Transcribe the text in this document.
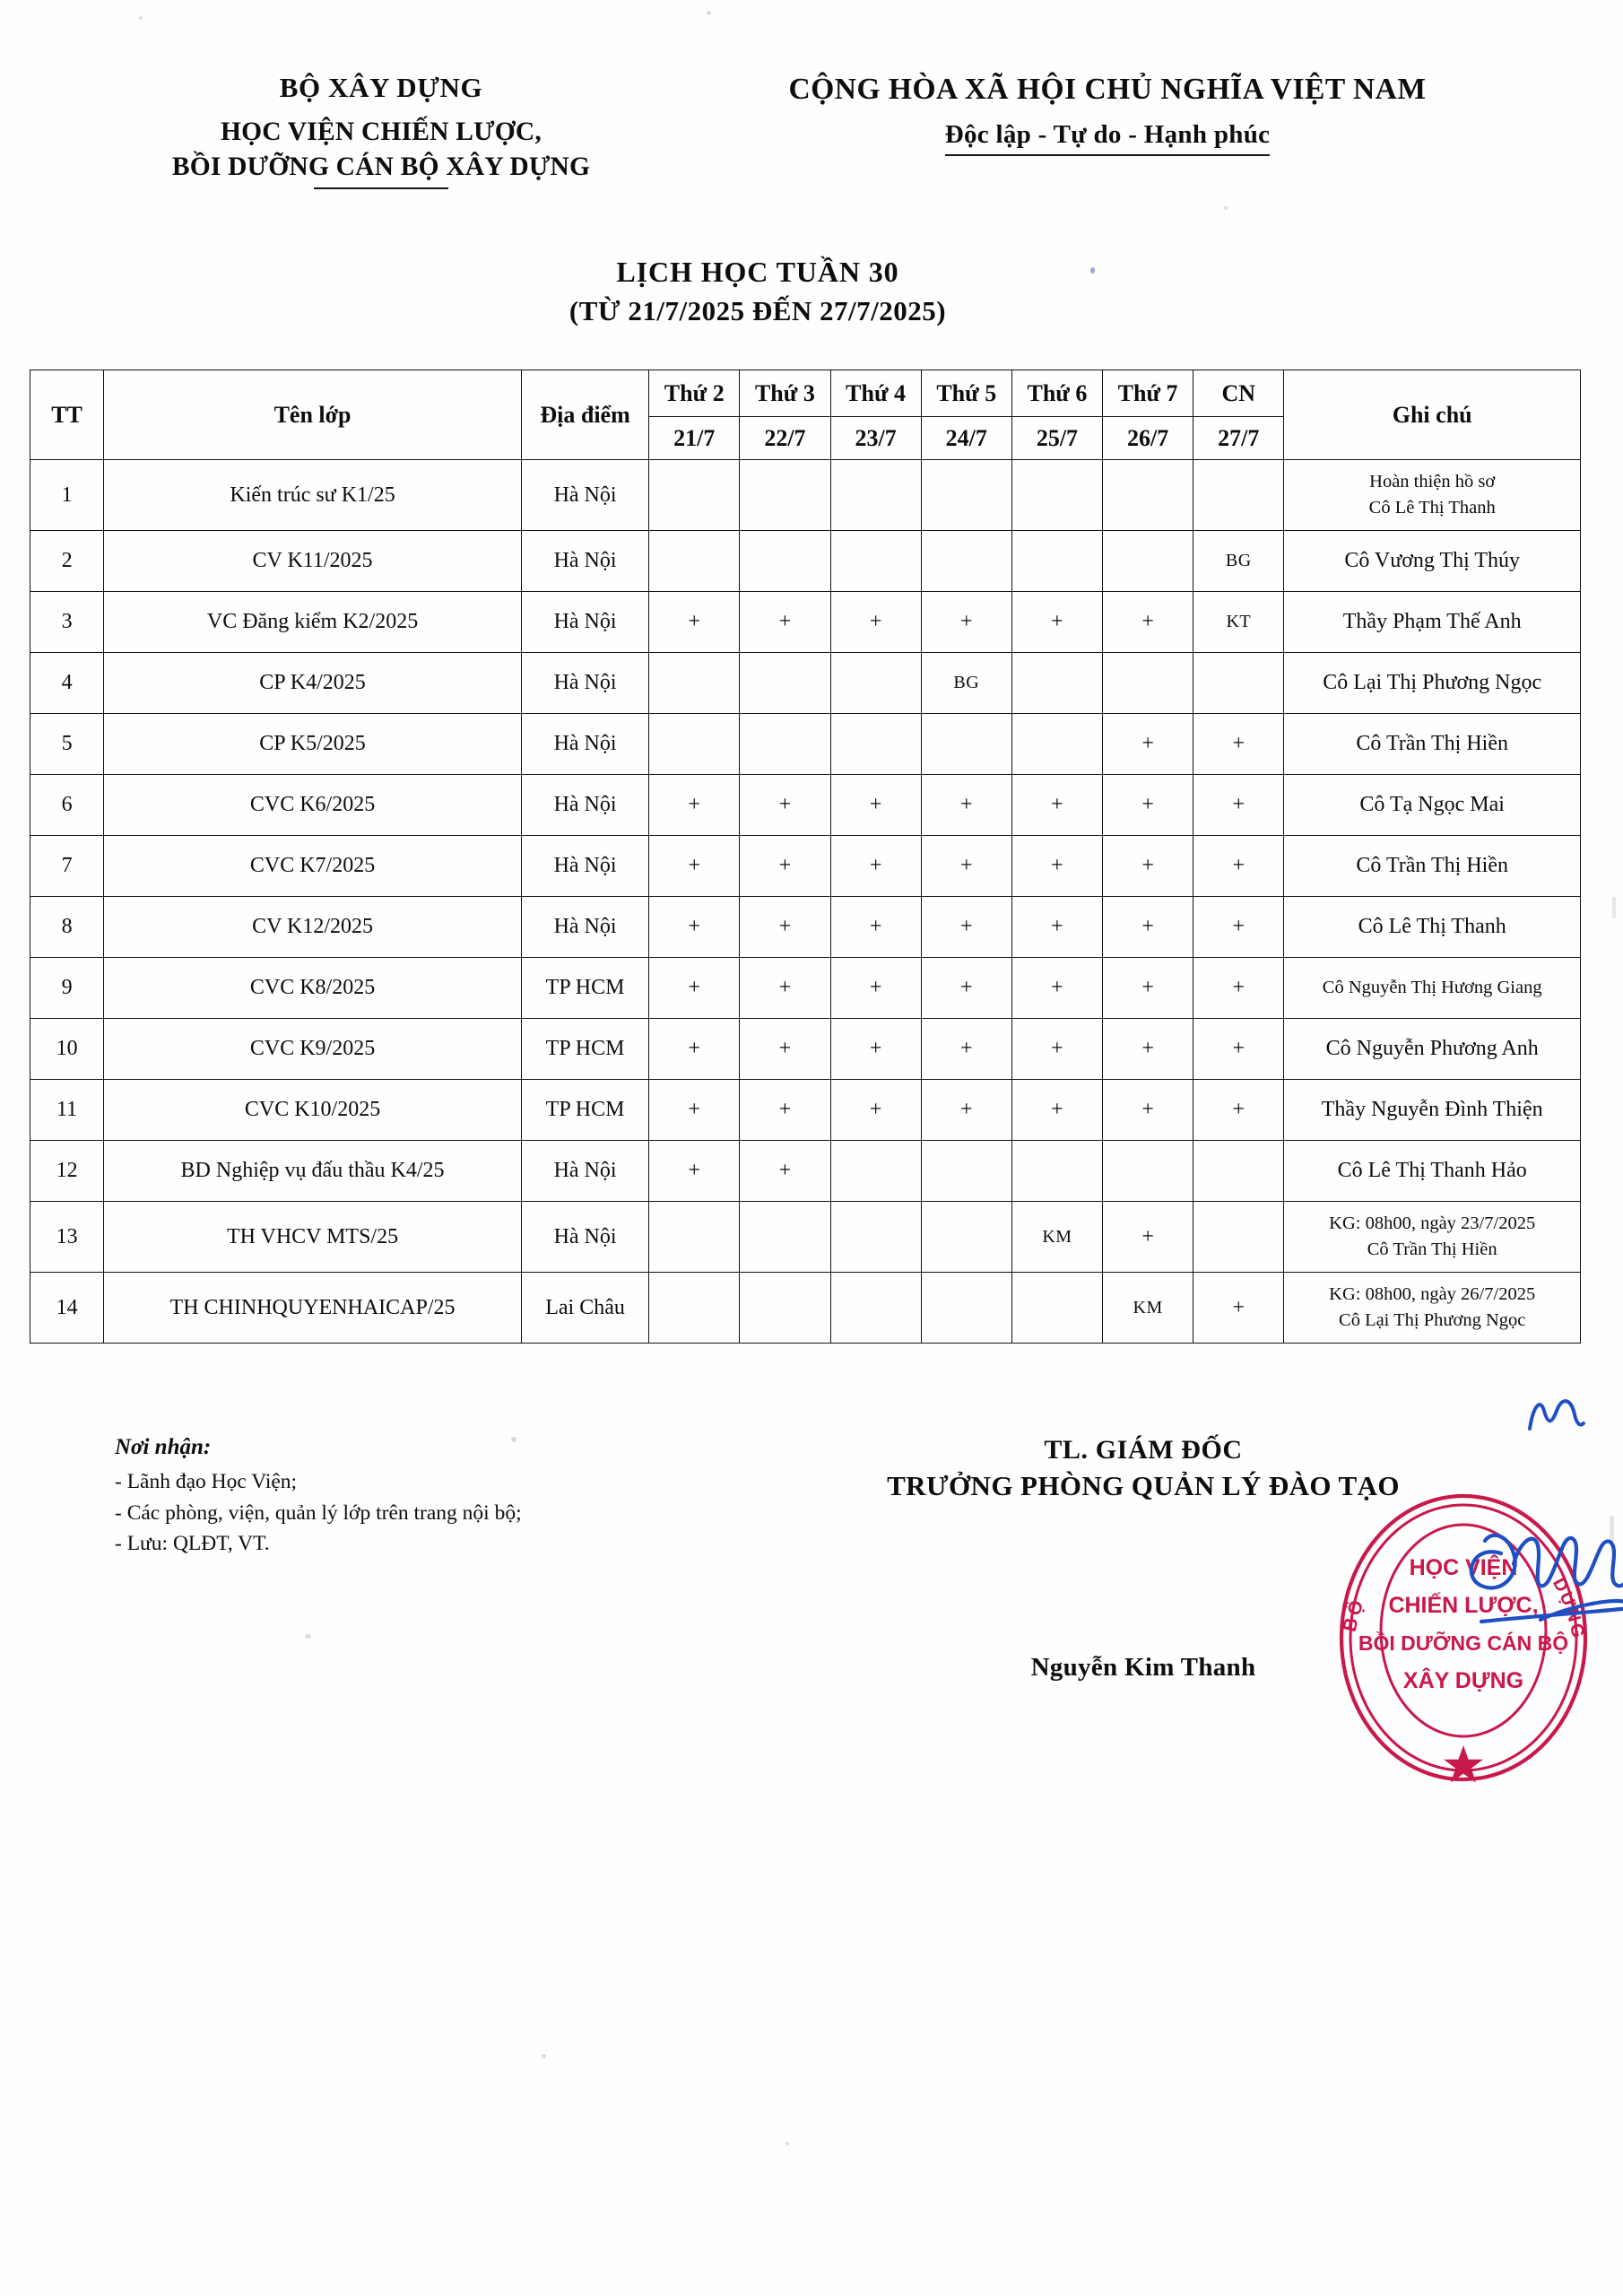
BỘ XÂY DỰNG
HỌC VIỆN CHIẾN LƯỢC,
BỒI DƯỠNG CÁN BỘ XÂY DỰNG
CỘNG HÒA XÃ HỘI CHỦ NGHĨA VIỆT NAM
Độc lập - Tự do - Hạnh phúc
LỊCH HỌC TUẦN 30
(TỪ 21/7/2025 ĐẾN 27/7/2025)
TT	Tên lớp	Địa điểm	Thứ 2	Thứ 3	Thứ 4	Thứ 5	Thứ 6	Thứ 7	CN	Ghi chú
			21/7	22/7	23/7	24/7	25/7	26/7	27/7	
1	Kiến trúc sư K1/25	Hà Nội								Hoàn thiện hồ sơ
Cô Lê Thị Thanh

2	CV K11/2025	Hà Nội							BG	Cô Vương Thị Thúy

3	VC Đăng kiểm K2/2025	Hà Nội	+	+	+	+	+	+	KT	Thầy Phạm Thế Anh

4	CP K4/2025	Hà Nội				BG				Cô Lại Thị Phương Ngọc

5	CP K5/2025	Hà Nội						+	+	Cô Trần Thị Hiền

6	CVC K6/2025	Hà Nội	+	+	+	+	+	+	+	Cô Tạ Ngọc Mai

7	CVC K7/2025	Hà Nội	+	+	+	+	+	+	+	Cô Trần Thị Hiền

8	CV K12/2025	Hà Nội	+	+	+	+	+	+	+	Cô Lê Thị Thanh

9	CVC K8/2025	TP HCM	+	+	+	+	+	+	+	Cô Nguyễn Thị Hương Giang

10	CVC K9/2025	TP HCM	+	+	+	+	+	+	+	Cô Nguyễn Phương Anh

11	CVC K10/2025	TP HCM	+	+	+	+	+	+	+	Thầy Nguyễn Đình Thiện

12	BD Nghiệp vụ đấu thầu K4/25	Hà Nội	+	+						Cô Lê Thị Thanh Hảo

13	TH VHCV MTS/25	Hà Nội					KM	+		KG: 08h00, ngày 23/7/2025
Cô Trần Thị Hiền

14	TH CHINHQUYENHAICAP/25	Lai Châu						KM	+	KG: 08h00, ngày 26/7/2025
Cô Lại Thị Phương Ngọc
Nơi nhận:
- Lãnh đạo Học Viện;
- Các phòng, viện, quản lý lớp trên trang nội bộ;
- Lưu: QLĐT, VT.
TL. GIÁM ĐỐC
TRƯỞNG PHÒNG QUẢN LÝ ĐÀO TẠO
BỘ
DỰNG
HỌC VIỆN
CHIẾN LƯỢC,
BỒI DƯỠNG CÁN BỘ
XÂY DỰNG
Nguyễn Kim Thanh
